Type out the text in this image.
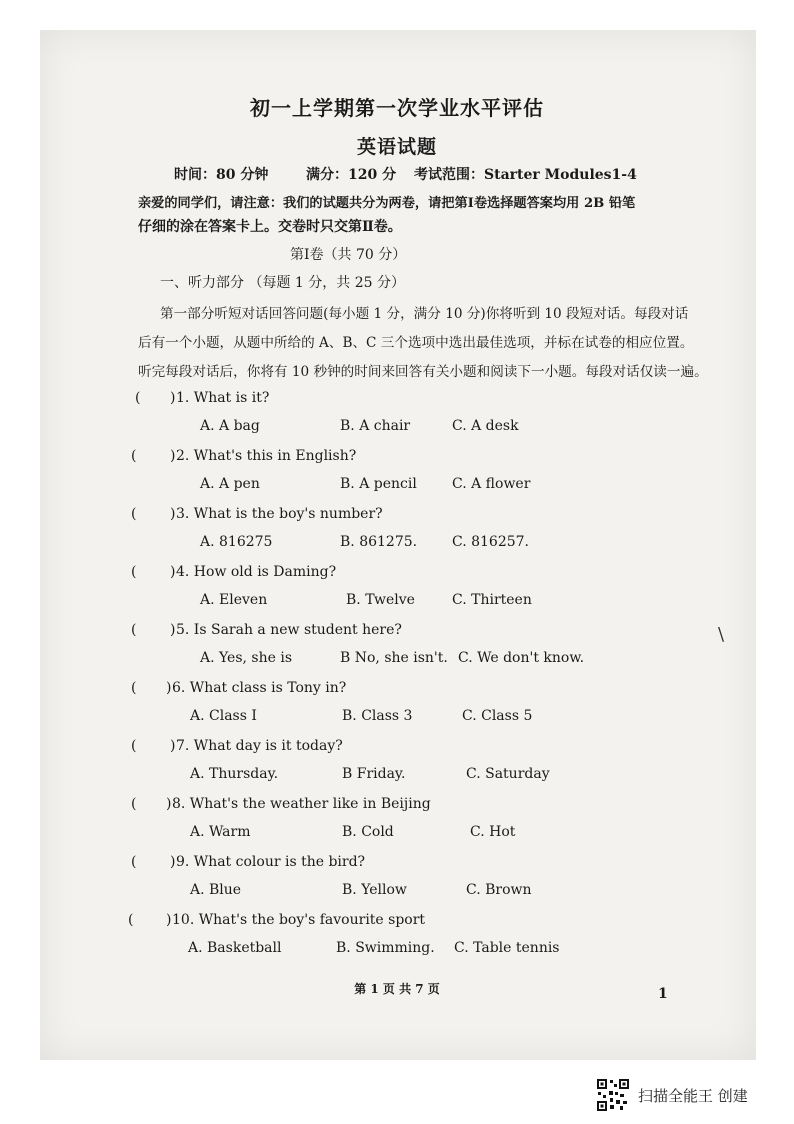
初一上学期第一次学业水平评估
英语试题
时间：80 分钟	满分：120 分 考试范围：Starter Modules1-4
亲爱的同学们，请注意：我们的试题共分为两卷，请把第Ⅰ卷选择题答案均用 2B 铅笔
仔细的涂在答案卡上。交卷时只交第Ⅱ卷。
第Ⅰ卷（共 70 分）
一、听力部分 （每题 1 分，共 25 分）
第一部分听短对话回答问题(每小题 1 分，满分 10 分)你将听到 10 段短对话。每段对话
后有一个小题，从题中所给的 A、B、C 三个选项中选出最佳选项，并标在试卷的相应位置。
听完每段对话后，你将有 10 秒钟的时间来回答有关小题和阅读下一小题。每段对话仅读一遍。
( ) 1. What is it?
A. A bag	B. A chair	C. A desk
( ) 2. What's this in English?
A. A pen	B. A pencil	C. A flower
( ) 3. What is the boy's number?
A. 816275	B. 861275. C. 816257.
( ) 4. How old is Daming?
A. Eleven	B. Twelve	C. Thirteen
( ) 5. Is Sarah a new student here?
A. Yes, she is	B No, she isn't. C. We don't know.
( ) 6. What class is Tony in?
A. Class I	B. Class 3	C. Class 5
( ) 7. What day is it today?
A. Thursday.	B Friday.	C. Saturday
( ) 8. What's the weather like in Beijing
A. Warm	B. Cold	C. Hot
( ) 9. What colour is the bird?
A. Blue	B. Yellow	C. Brown
( ) 10. What's the boy's favourite sport
A. Basketball	B. Swimming. C. Table tennis
\
第 1 页 共 7 页	1
扫描全能王 创建
